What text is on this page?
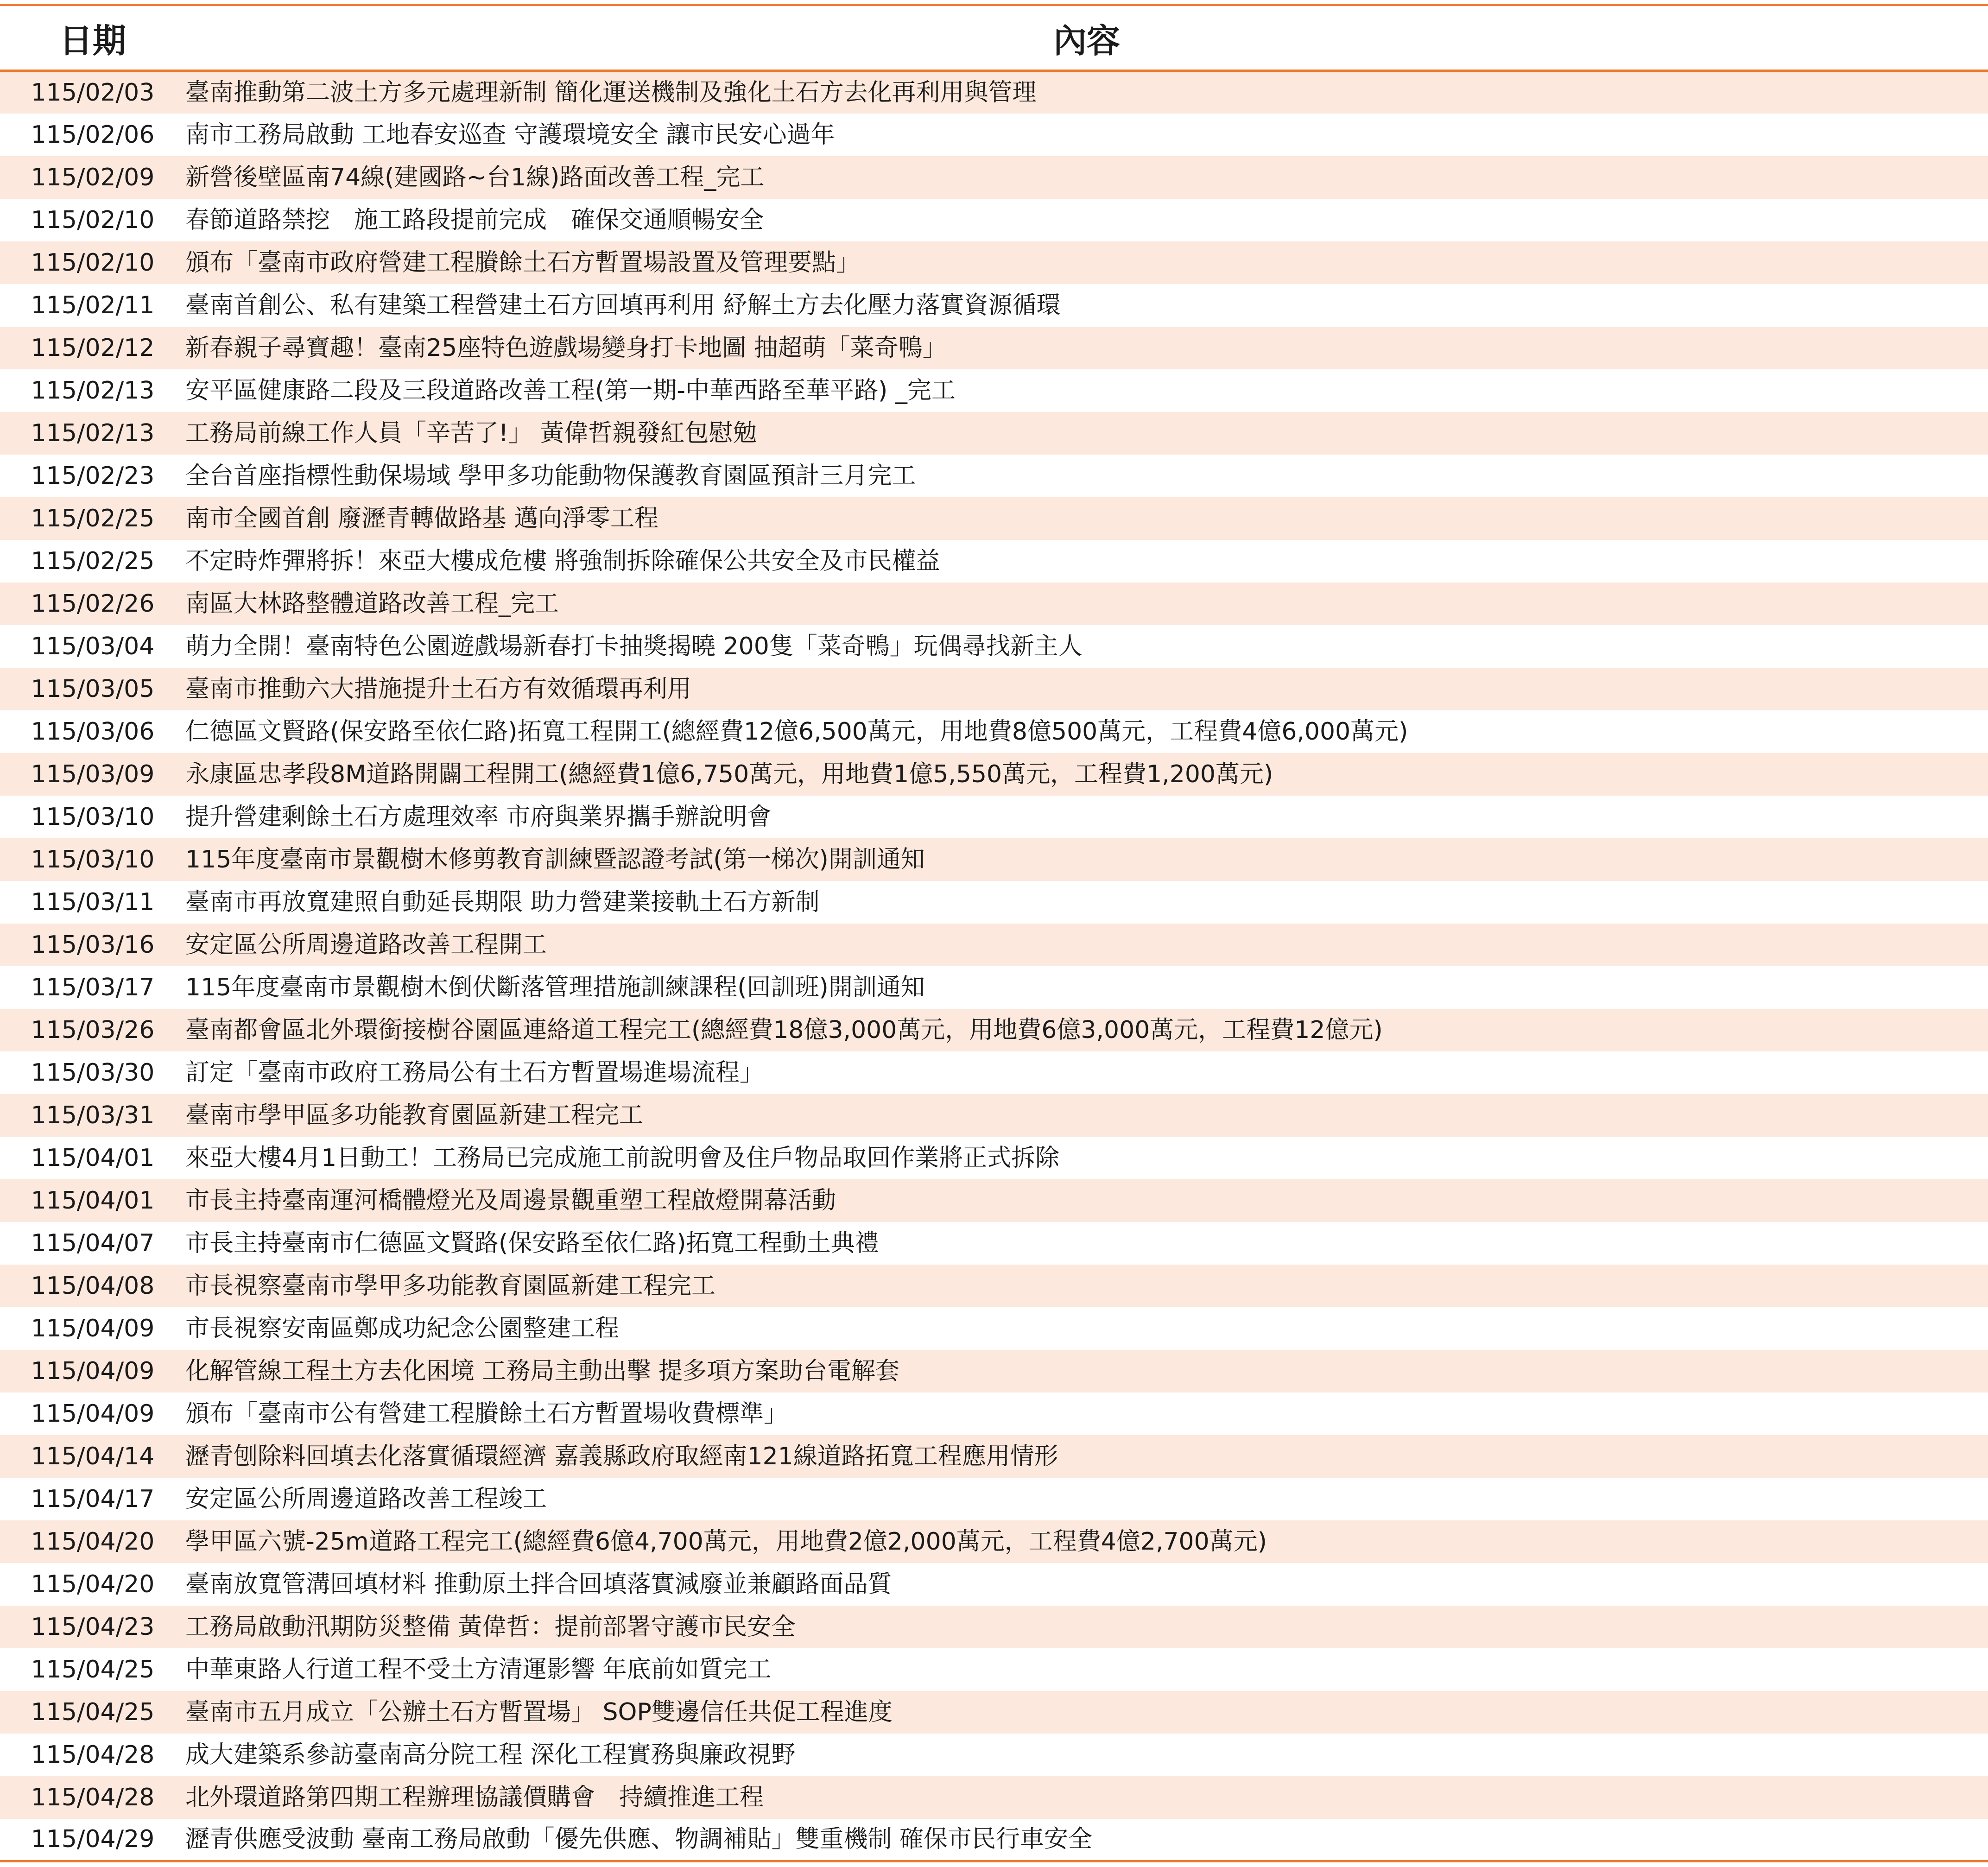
日期	內容
115/02/03	臺南推動第二波土方多元處理新制 簡化運送機制及強化土石方去化再利用與管理
115/02/06	南市工務局啟動 工地春安巡查 守護環境安全 讓市民安心過年
115/02/09	新營後壁區南74線(建國路~台1線)路面改善工程_完工
115/02/10	春節道路禁挖　施工路段提前完成　確保交通順暢安全
115/02/10	頒布「臺南市政府營建工程賸餘土石方暫置場設置及管理要點」
115/02/11	臺南首創公、私有建築工程營建土石方回填再利用 紓解土方去化壓力落實資源循環
115/02/12	新春親子尋寶趣！臺南25座特色遊戲場變身打卡地圖 抽超萌「菜奇鴨」
115/02/13	安平區健康路二段及三段道路改善工程(第一期-中華西路至華平路) _完工
115/02/13	工務局前線工作人員「辛苦了!」 黃偉哲親發紅包慰勉
115/02/23	全台首座指標性動保場域 學甲多功能動物保護教育園區預計三月完工
115/02/25	南市全國首創 廢瀝青轉做路基 邁向淨零工程
115/02/25	不定時炸彈將拆！來亞大樓成危樓 將強制拆除確保公共安全及市民權益
115/02/26	南區大林路整體道路改善工程_完工
115/03/04	萌力全開！臺南特色公園遊戲場新春打卡抽獎揭曉 200隻「菜奇鴨」玩偶尋找新主人
115/03/05	臺南市推動六大措施提升土石方有效循環再利用
115/03/06	仁德區文賢路(保安路至依仁路)拓寬工程開工(總經費12億6,500萬元，用地費8億500萬元，工程費4億6,000萬元)
115/03/09	永康區忠孝段8M道路開闢工程開工(總經費1億6,750萬元，用地費1億5,550萬元，工程費1,200萬元)
115/03/10	提升營建剩餘土石方處理效率 市府與業界攜手辦說明會
115/03/10	115年度臺南市景觀樹木修剪教育訓練暨認證考試(第一梯次)開訓通知
115/03/11	臺南市再放寬建照自動延長期限 助力營建業接軌土石方新制
115/03/16	安定區公所周邊道路改善工程開工
115/03/17	115年度臺南市景觀樹木倒伏斷落管理措施訓練課程(回訓班)開訓通知
115/03/26	臺南都會區北外環銜接樹谷園區連絡道工程完工(總經費18億3,000萬元，用地費6億3,000萬元，工程費12億元)
115/03/30	訂定「臺南市政府工務局公有土石方暫置場進場流程」
115/03/31	臺南市學甲區多功能教育園區新建工程完工
115/04/01	來亞大樓4月1日動工！工務局已完成施工前說明會及住戶物品取回作業將正式拆除
115/04/01	市長主持臺南運河橋體燈光及周邊景觀重塑工程啟燈開幕活動
115/04/07	市長主持臺南市仁德區文賢路(保安路至依仁路)拓寬工程動土典禮
115/04/08	市長視察臺南市學甲多功能教育園區新建工程完工
115/04/09	市長視察安南區鄭成功紀念公園整建工程
115/04/09	化解管線工程土方去化困境 工務局主動出擊 提多項方案助台電解套
115/04/09	頒布「臺南市公有營建工程賸餘土石方暫置場收費標準」
115/04/14	瀝青刨除料回填去化落實循環經濟 嘉義縣政府取經南121線道路拓寬工程應用情形
115/04/17	安定區公所周邊道路改善工程竣工
115/04/20	學甲區六號-25m道路工程完工(總經費6億4,700萬元，用地費2億2,000萬元，工程費4億2,700萬元)
115/04/20	臺南放寬管溝回填材料 推動原土拌合回填落實減廢並兼顧路面品質
115/04/23	工務局啟動汛期防災整備 黃偉哲：提前部署守護市民安全
115/04/25	中華東路人行道工程不受土方清運影響 年底前如質完工
115/04/25	臺南市五月成立「公辦土石方暫置場」 SOP雙邊信任共促工程進度
115/04/28	成大建築系參訪臺南高分院工程 深化工程實務與廉政視野
115/04/28	北外環道路第四期工程辦理協議價購會　持續推進工程
115/04/29	瀝青供應受波動 臺南工務局啟動「優先供應、物調補貼」雙重機制 確保市民行車安全
